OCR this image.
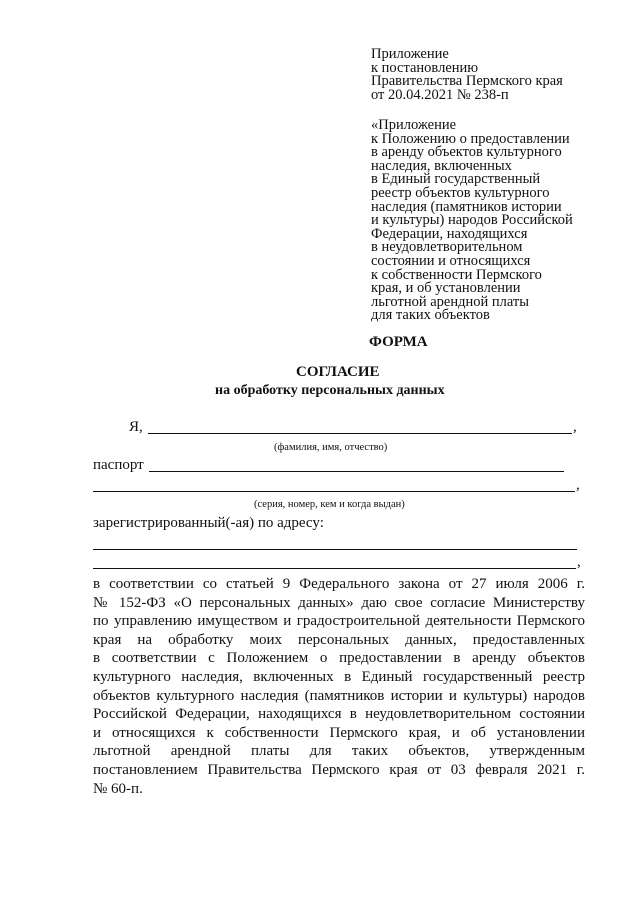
Приложение
к постановлению
Правительства Пермского края
от 20.04.2021 № 238-п
«Приложение
к Положению о предоставлении
в аренду объектов культурного
наследия, включенных
в Единый государственный
реестр объектов культурного
наследия (памятников истории
и культуры) народов Российской
Федерации, находящихся
в неудовлетворительном
состоянии и относящихся
к собственности Пермского
края, и об установлении
льготной арендной платы
для таких объектов
ФОРМА
СОГЛАСИЕ
на обработку персональных данных
Я,	,
(фамилия, имя, отчество)
паспорт
,
(серия, номер, кем и когда выдан)
зарегистрированный(-ая) по адресу:
,
в соответствии со статьей 9 Федерального закона от 27 июля 2006 г.
№ 152-ФЗ «О персональных данных» даю свое согласие Министерству
по управлению имуществом и градостроительной деятельности Пермского
края на обработку моих персональных данных, предоставленных
в соответствии с Положением о предоставлении в аренду объектов
культурного наследия, включенных в Единый государственный реестр
объектов культурного наследия (памятников истории и культуры) народов
Российской Федерации, находящихся в неудовлетворительном состоянии
и относящихся к собственности Пермского края, и об установлении
льготной арендной платы для таких объектов, утвержденным
постановлением Правительства Пермского края от 03 февраля 2021 г.
№ 60-п.
